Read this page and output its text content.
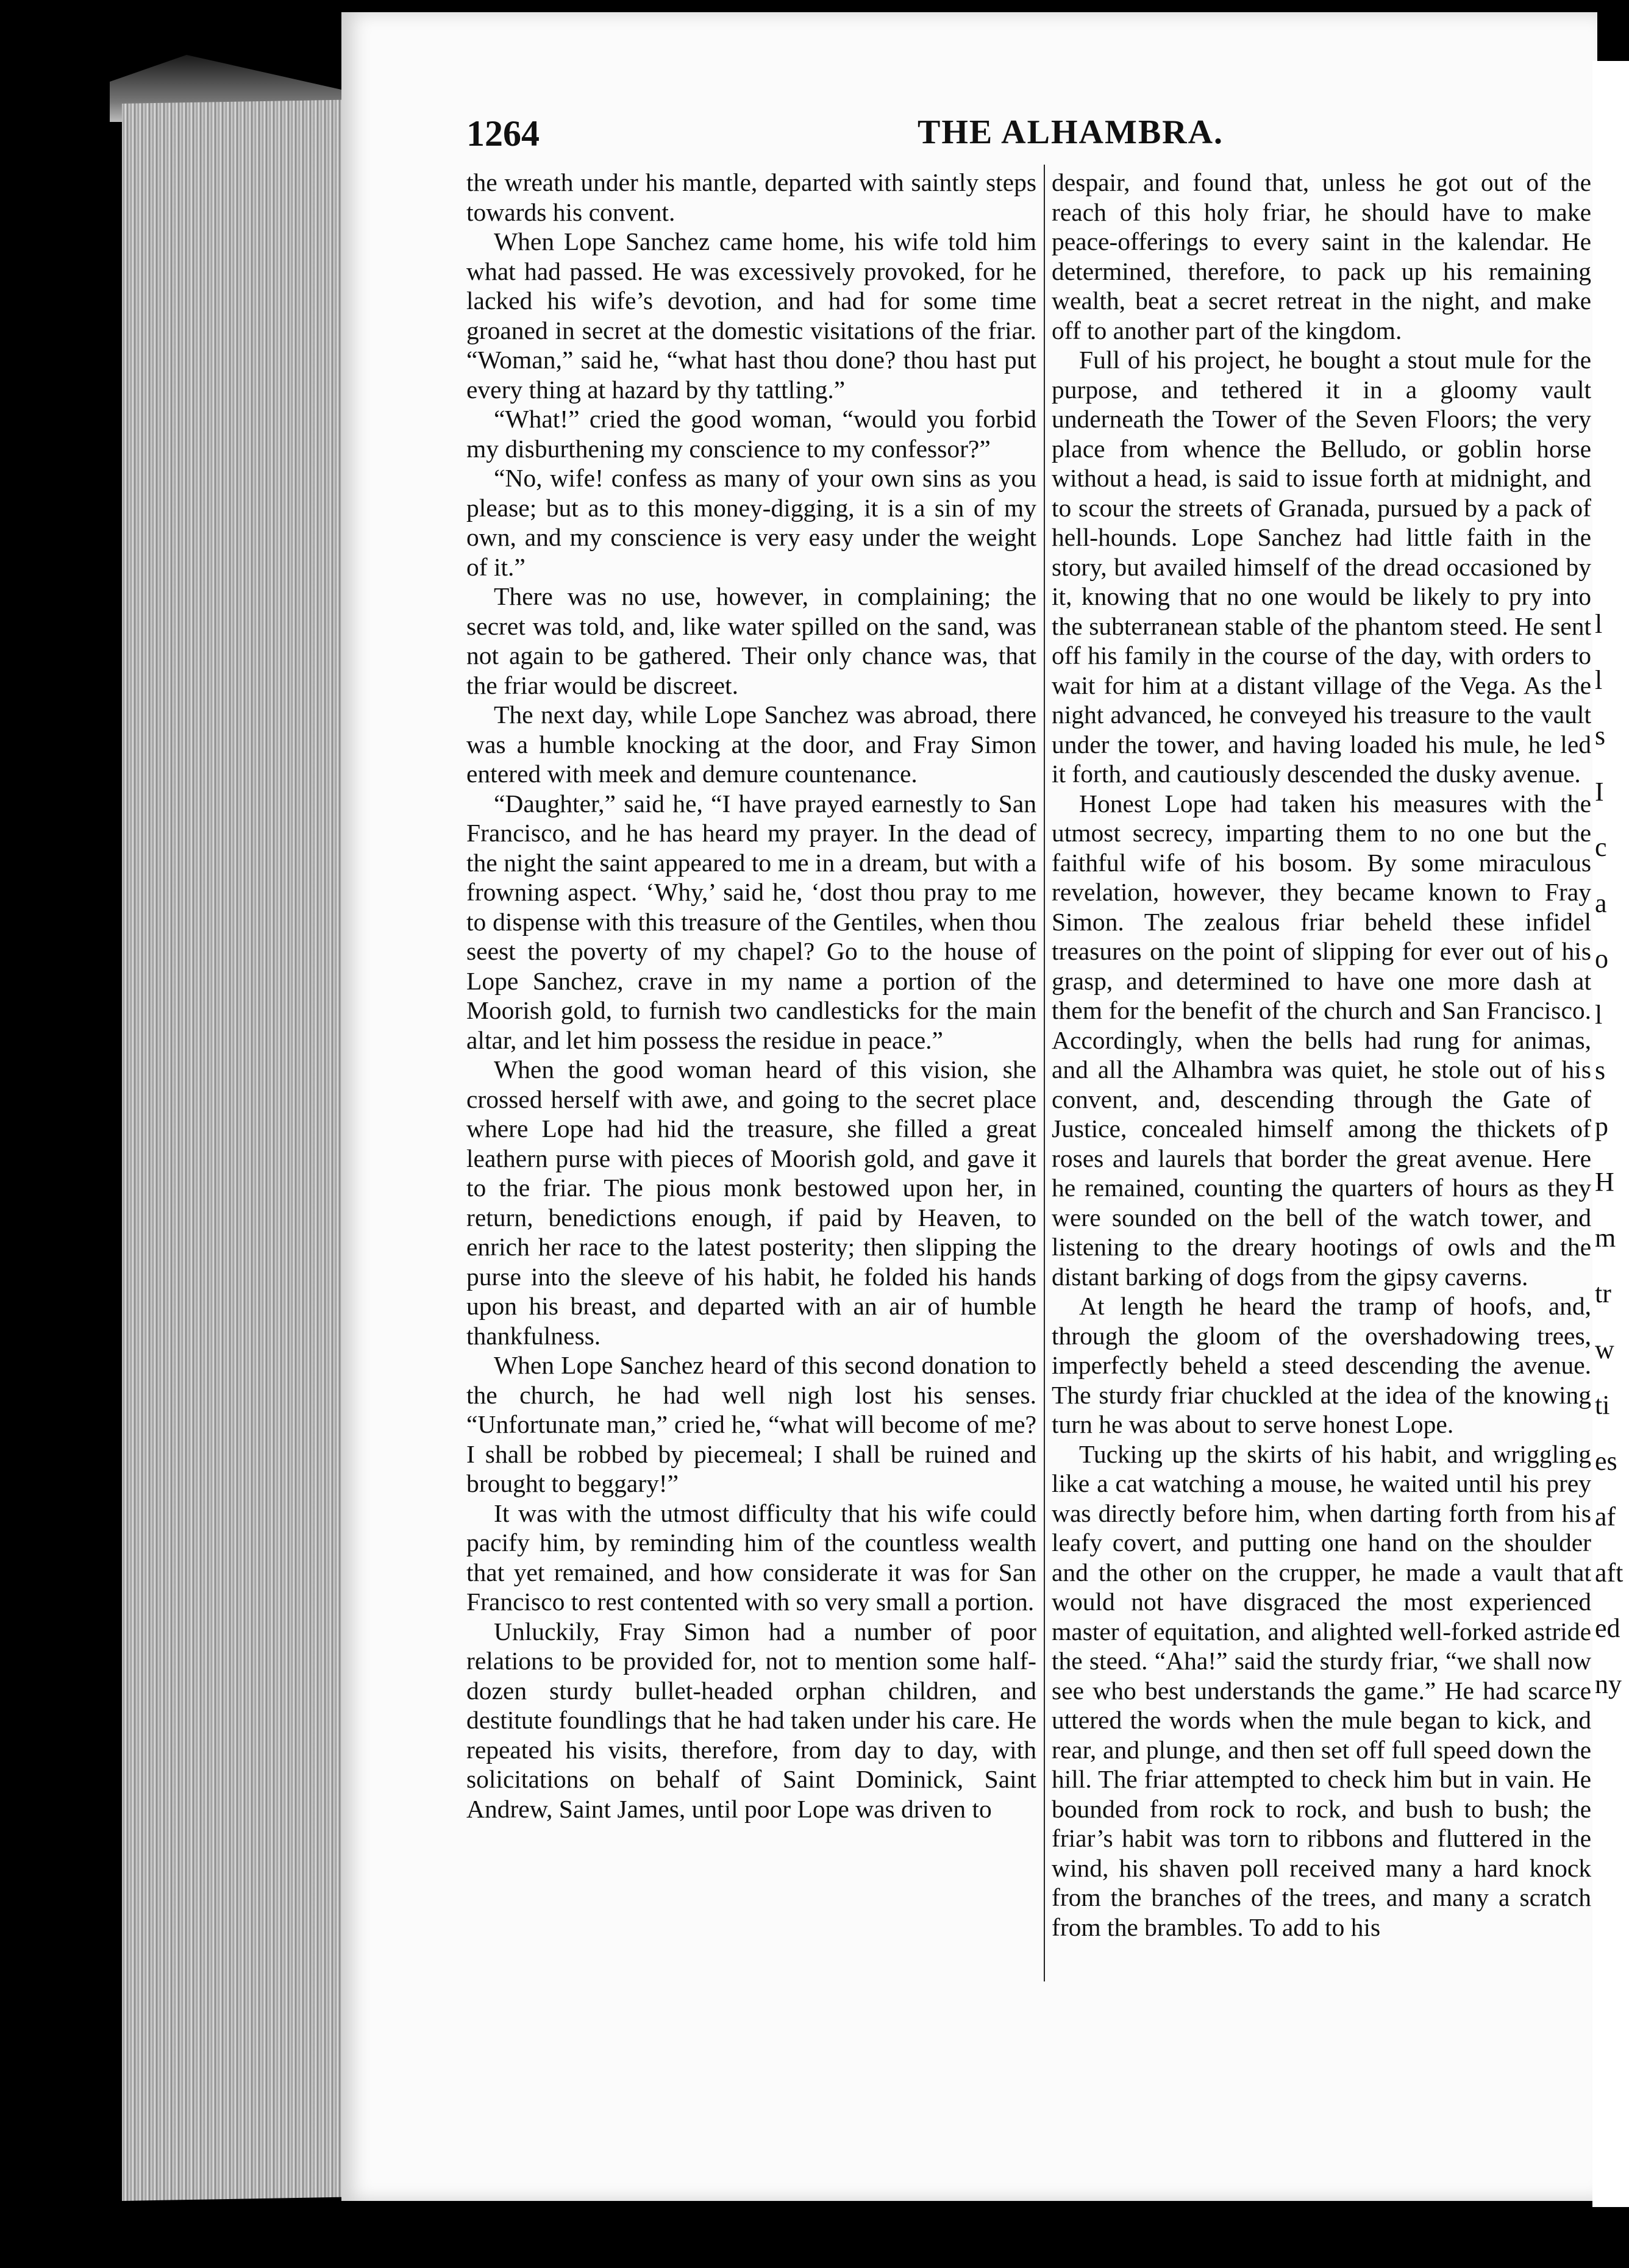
1264	THE ALHAMBRA.

the wreath under his mantle, departed with saintly steps towards his convent.

When Lope Sanchez came home, his wife told him what had passed. He was excessively provoked, for he lacked his wife’s devotion, and had for some time groaned in secret at the domestic visitations of the friar. “Woman,” said he, “what hast thou done? thou hast put every thing at hazard by thy tattling.”

“What!” cried the good woman, “would you forbid my disburthening my conscience to my confessor?”

“No, wife! confess as many of your own sins as you please; but as to this money-digging, it is a sin of my own, and my conscience is very easy under the weight of it.”

There was no use, however, in complaining; the secret was told, and, like water spilled on the sand, was not again to be gathered. Their only chance was, that the friar would be discreet.

The next day, while Lope Sanchez was abroad, there was a humble knocking at the door, and Fray Simon entered with meek and demure countenance.

“Daughter,” said he, “I have prayed earnestly to San Francisco, and he has heard my prayer. In the dead of the night the saint appeared to me in a dream, but with a frowning aspect. ‘Why,’ said he, ‘dost thou pray to me to dispense with this treasure of the Gentiles, when thou seest the poverty of my chapel? Go to the house of Lope Sanchez, crave in my name a portion of the Moorish gold, to furnish two candlesticks for the main altar, and let him possess the residue in peace.”

When the good woman heard of this vision, she crossed herself with awe, and going to the secret place where Lope had hid the treasure, she filled a great leathern purse with pieces of Moorish gold, and gave it to the friar. The pious monk bestowed upon her, in return, benedictions enough, if paid by Heaven, to enrich her race to the latest posterity; then slipping the purse into the sleeve of his habit, he folded his hands upon his breast, and departed with an air of humble thankfulness.

When Lope Sanchez heard of this second donation to the church, he had well nigh lost his senses. “Unfortunate man,” cried he, “what will become of me? I shall be robbed by piecemeal; I shall be ruined and brought to beggary!”

It was with the utmost difficulty that his wife could pacify him, by reminding him of the countless wealth that yet remained, and how considerate it was for San Francisco to rest contented with so very small a portion.

Unluckily, Fray Simon had a number of poor relations to be provided for, not to mention some half-dozen sturdy bullet-headed orphan children, and destitute foundlings that he had taken under his care. He repeated his visits, therefore, from day to day, with solicitations on behalf of Saint Dominick, Saint Andrew, Saint James, until poor Lope was driven to

despair, and found that, unless he got out of the reach of this holy friar, he should have to make peace-offerings to every saint in the kalendar. He determined, therefore, to pack up his remaining wealth, beat a secret retreat in the night, and make off to another part of the kingdom.

Full of his project, he bought a stout mule for the purpose, and tethered it in a gloomy vault underneath the Tower of the Seven Floors; the very place from whence the Belludo, or goblin horse without a head, is said to issue forth at midnight, and to scour the streets of Granada, pursued by a pack of hell-hounds. Lope Sanchez had little faith in the story, but availed himself of the dread occasioned by it, knowing that no one would be likely to pry into the subterranean stable of the phantom steed. He sent off his family in the course of the day, with orders to wait for him at a distant village of the Vega. As the night advanced, he conveyed his treasure to the vault under the tower, and having loaded his mule, he led it forth, and cautiously descended the dusky avenue.

Honest Lope had taken his measures with the utmost secrecy, imparting them to no one but the faithful wife of his bosom. By some miraculous revelation, however, they became known to Fray Simon. The zealous friar beheld these infidel treasures on the point of slipping for ever out of his grasp, and determined to have one more dash at them for the benefit of the church and San Francisco. Accordingly, when the bells had rung for animas, and all the Alhambra was quiet, he stole out of his convent, and, descending through the Gate of Justice, concealed himself among the thickets of roses and laurels that border the great avenue. Here he remained, counting the quarters of hours as they were sounded on the bell of the watch tower, and listening to the dreary hootings of owls and the distant barking of dogs from the gipsy caverns.

At length he heard the tramp of hoofs, and, through the gloom of the overshadowing trees, imperfectly beheld a steed descending the avenue. The sturdy friar chuckled at the idea of the knowing turn he was about to serve honest Lope.

Tucking up the skirts of his habit, and wriggling like a cat watching a mouse, he waited until his prey was directly before him, when darting forth from his leafy covert, and putting one hand on the shoulder and the other on the crupper, he made a vault that would not have disgraced the most experienced master of equitation, and alighted well-forked astride the steed. “Aha!” said the sturdy friar, “we shall now see who best understands the game.” He had scarce uttered the words when the mule began to kick, and rear, and plunge, and then set off full speed down the hill. The friar attempted to check him but in vain. He bounded from rock to rock, and bush to bush; the friar’s habit was torn to ribbons and fluttered in the wind, his shaven poll received many a hard knock from the branches of the trees, and many a scratch from the brambles. To add to his

l
l
s
I
c
a
o
l
s
p
H
m
tr
w
ti
es
af
aft
ed
ny
